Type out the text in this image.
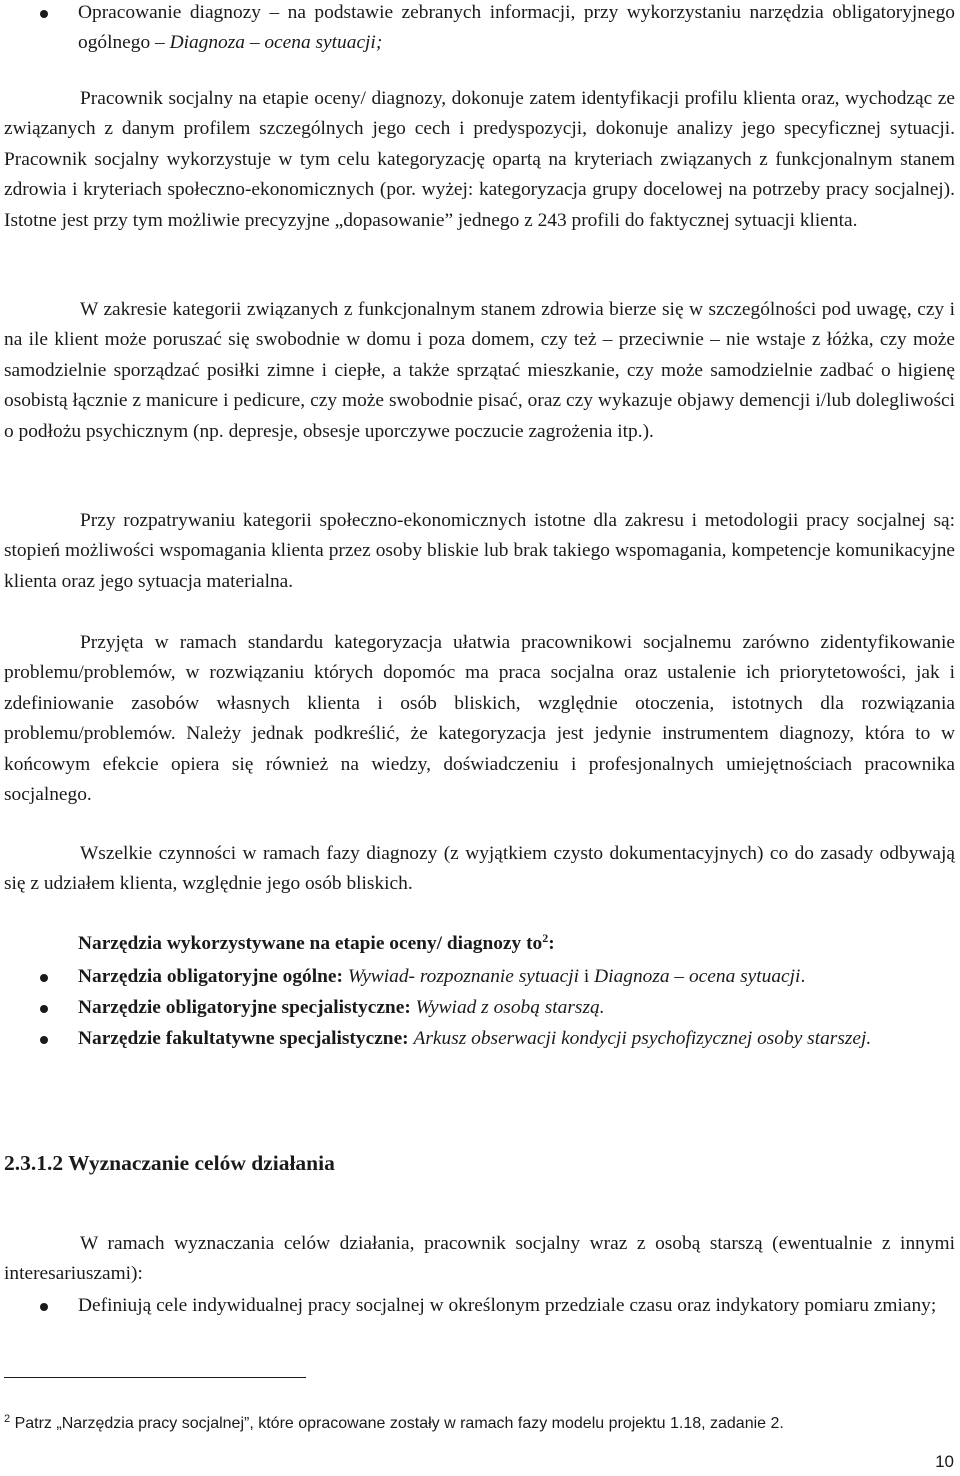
Opracowanie diagnozy – na podstawie zebranych informacji, przy wykorzystaniu narzędzia obligatoryjnego ogólnego – Diagnoza – ocena sytuacji;

Pracownik socjalny na etapie oceny/ diagnozy, dokonuje zatem identyfikacji profilu klienta oraz, wychodząc ze związanych z danym profilem szczególnych jego cech i predyspozycji, dokonuje analizy jego specyficznej sytuacji. Pracownik socjalny wykorzystuje w tym celu kategoryzację opartą na kryteriach związanych z funkcjonalnym stanem zdrowia i kryteriach społeczno-ekonomicznych (por. wyżej: kategoryzacja grupy docelowej na potrzeby pracy socjalnej). Istotne jest przy tym możliwie precyzyjne „dopasowanie” jednego z 243 profili do faktycznej sytuacji klienta.

W zakresie kategorii związanych z funkcjonalnym stanem zdrowia bierze się w szczególności pod uwagę, czy i na ile klient może poruszać się swobodnie w domu i poza domem, czy też – przeciwnie – nie wstaje z łóżka, czy może samodzielnie sporządzać posiłki zimne i ciepłe, a także sprzątać mieszkanie, czy może samodzielnie zadbać o higienę osobistą łącznie z manicure i pedicure, czy może swobodnie pisać, oraz czy wykazuje objawy demencji i/lub dolegliwości o podłożu psychicznym (np. depresje, obsesje uporczywe poczucie zagrożenia itp.).

Przy rozpatrywaniu kategorii społeczno-ekonomicznych istotne dla zakresu i metodologii pracy socjalnej są: stopień możliwości wspomagania klienta przez osoby bliskie lub brak takiego wspomagania, kompetencje komunikacyjne klienta oraz jego sytuacja materialna.

Przyjęta w ramach standardu kategoryzacja ułatwia pracownikowi socjalnemu zarówno zidentyfikowanie problemu/problemów, w rozwiązaniu których dopomóc ma praca socjalna oraz ustalenie ich priorytetowości, jak i zdefiniowanie zasobów własnych klienta i osób bliskich, względnie otoczenia, istotnych dla rozwiązania problemu/problemów. Należy jednak podkreślić, że kategoryzacja jest jedynie instrumentem diagnozy, która to w końcowym efekcie opiera się również na wiedzy, doświadczeniu i profesjonalnych umiejętnościach pracownika socjalnego.

Wszelkie czynności w ramach fazy diagnozy (z wyjątkiem czysto dokumentacyjnych) co do zasady odbywają się z udziałem klienta, względnie jego osób bliskich.

Narzędzia wykorzystywane na etapie oceny/ diagnozy $to^2$:

Narzędzia obligatoryjne ogólne: Wywiad- rozpoznanie sytuacji i Diagnoza – ocena sytuacji.

Narzędzie obligatoryjne specjalistyczne: Wywiad z osobą starszą.

Narzędzie fakultatywne specjalistyczne: Arkusz obserwacji kondycji psychofizycznej osoby starszej.

2.3.1.2 Wyznaczanie celów działania

W ramach wyznaczania celów działania, pracownik socjalny wraz z osobą starszą (ewentualnie z innymi interesariuszami):

Definiują cele indywidualnej pracy socjalnej w określonym przedziale czasu oraz indykatory pomiaru zmiany;

$^2$ Patrz „Narzędzia pracy socjalnej”, które opracowane zostały w ramach fazy modelu projektu 1.18, zadanie 2.

10
